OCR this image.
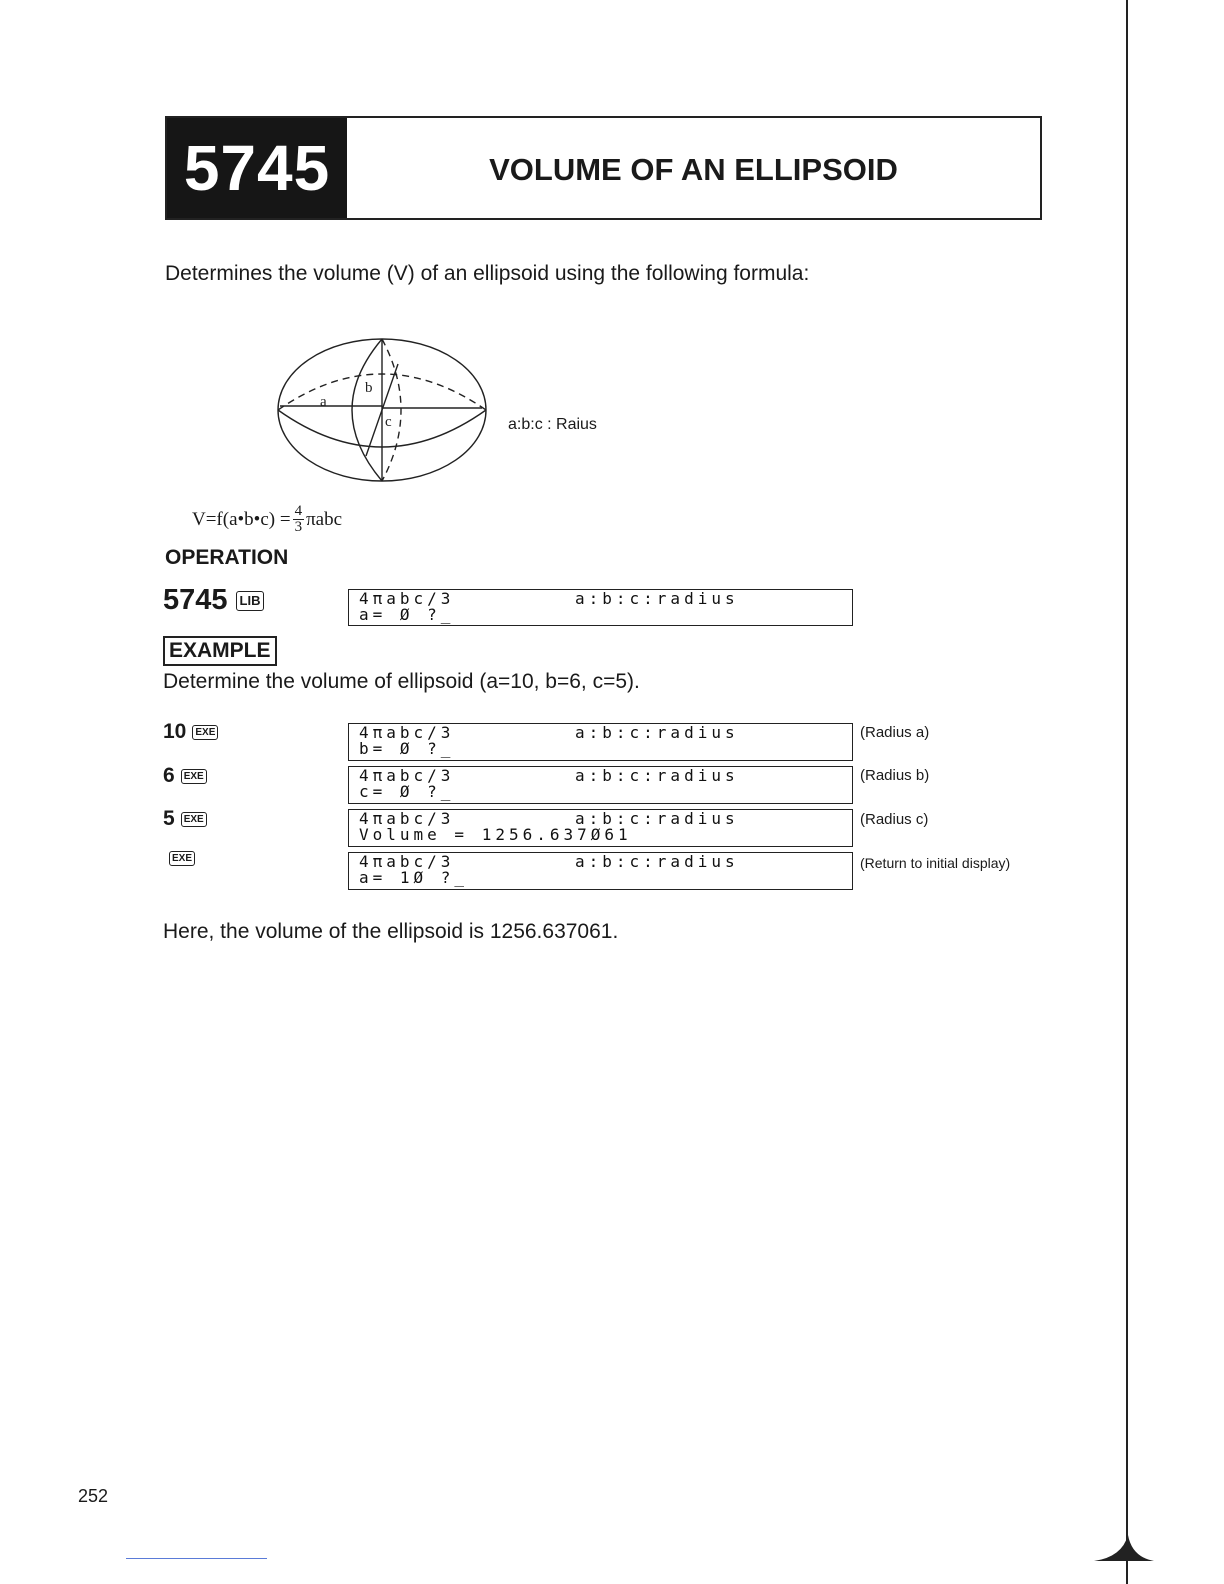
5745	VOLUME OF AN ELLIPSOID
Determines the volume (V) of an ellipsoid using the following formula:
a
b
c	a:b:c : Raius
V=f(a•b•c) = $\frac{4}{3}$ πabc
OPERATION
5745 LIB	4πabc/3	a:b:c:radius
a= Ø ?_
EXAMPLE
Determine the volume of ellipsoid (a=10, b=6, c=5).
10 EXE	4πabc/3	a:b:c:radius
b= Ø ?_
(Radius a)
6 EXE	4πabc/3	a:b:c:radius
c= Ø ?_
(Radius b)
5 EXE	4πabc/3	a:b:c:radius
Volume = 1256.637Ø61
(Radius c)
EXE	4πabc/3	a:b:c:radius
a= 1Ø ?_
(Return to initial display)
Here, the volume of the ellipsoid is 1256.637061.
252
